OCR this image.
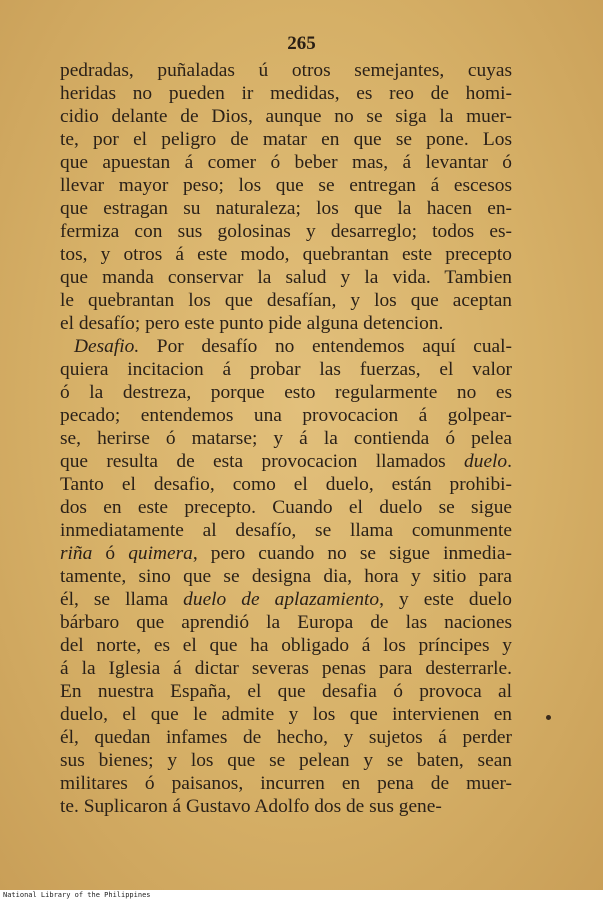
265
pedradas, puñaladas ú otros semejantes, cuyas
heridas no pueden ir medidas, es reo de homi-
cidio delante de Dios, aunque no se siga la muer-
te, por el peligro de matar en que se pone. Los
que apuestan á comer ó beber mas, á levantar ó
llevar mayor peso; los que se entregan á escesos
que estragan su naturaleza; los que la hacen en-
fermiza con sus golosinas y desarreglo; todos es-
tos, y otros á este modo, quebrantan este precepto
que manda conservar la salud y la vida. Tambien
le quebrantan los que desafían, y los que aceptan
el desafío; pero este punto pide alguna detencion.
Desafio. Por desafío no entendemos aquí cual-
quiera incitacion á probar las fuerzas, el valor
ó la destreza, porque esto regularmente no es
pecado; entendemos una provocacion á golpear-
se, herirse ó matarse; y á la contienda ó pelea
que resulta de esta provocacion llamados duelo.
Tanto el desafio, como el duelo, están prohibi-
dos en este precepto. Cuando el duelo se sigue
inmediatamente al desafío, se llama comunmente
riña ó quimera, pero cuando no se sigue inmedia-
tamente, sino que se designa dia, hora y sitio para
él, se llama duelo de aplazamiento, y este duelo
bárbaro que aprendió la Europa de las naciones
del norte, es el que ha obligado á los príncipes y
á la Iglesia á dictar severas penas para desterrarle.
En nuestra España, el que desafia ó provoca al
duelo, el que le admite y los que intervienen en
él, quedan infames de hecho, y sujetos á perder
sus bienes; y los que se pelean y se baten, sean
militares ó paisanos, incurren en pena de muer-
te. Suplicaron á Gustavo Adolfo dos de sus gene-
National Library of the Philippines
